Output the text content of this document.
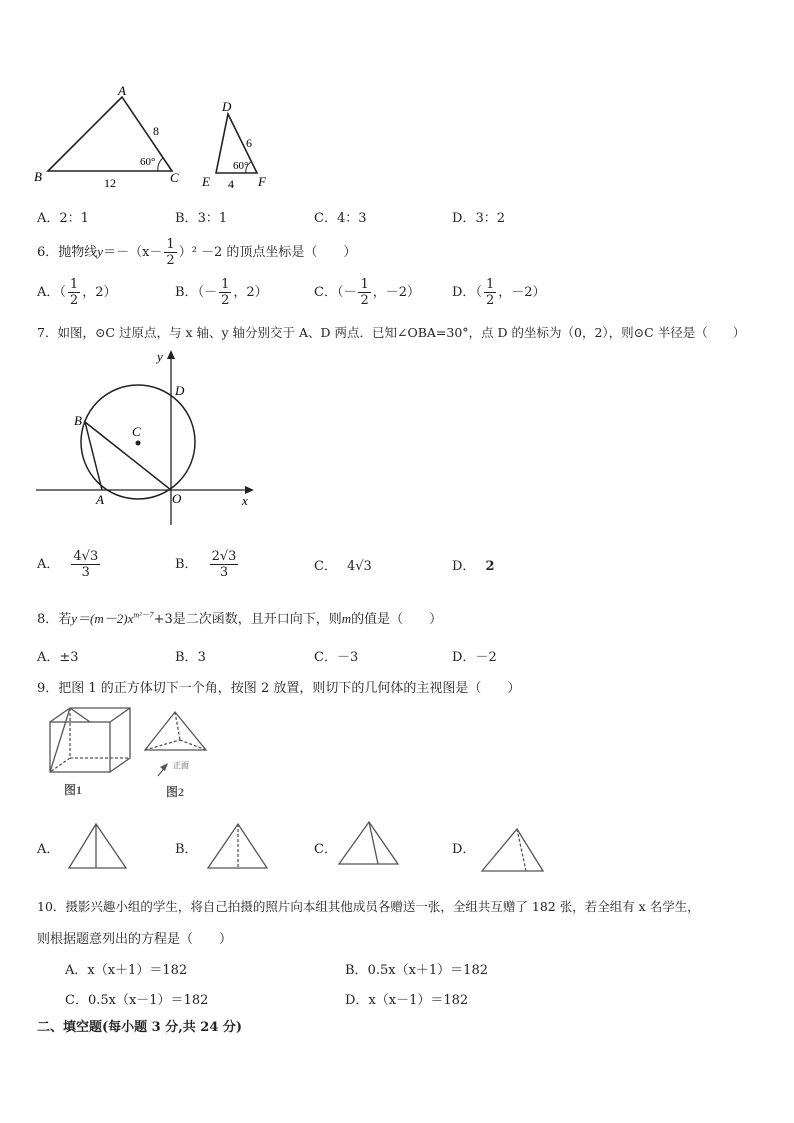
A
B	C
8
12
60°
D
E	F
6
4
60°
A．2：1	B．3：1	C．4：3	D．3：2
6．抛物线$y=-(x- \frac{1}{2} )^2 -2$ 的顶点坐标是（　　）
A．（ $\frac{1}{2}$ ，2）	B．（－ $\frac{1}{2}$ ，2）	C．（－ $\frac{1}{2}$ ，－2） D．（ $\frac{1}{2}$ ，－2）
7．如图，⊙C 过原点，与 x 轴、y 轴分别交于 A、D 两点．已知∠OBA=30°，点 D 的坐标为（0，2），则⊙C 半径是（　　）
y
x
D
B
C
A	O
A． $\frac{4√3}{3}$	B． $\frac{2√3}{3}$	C． 4√3	D． 2
8．若$y=(m-2)x^{m^2-7}+3$是二次函数，且开口向下，则m的值是（　　）
A．±3	B．3	C．－3	D．－2
9．把图 1 的正方体切下一个角，按图 2 放置，则切下的几何体的主视图是（　　）
正面
图1	图2
A．	B．	C．	D．
10．摄影兴趣小组的学生，将自己拍摄的照片向本组其他成员各赠送一张，全组共互赠了 182 张，若全组有 x 名学生，
则根据题意列出的方程是（　　）
A．x（x＋1）＝182	B．0.5x（x＋1）＝182
C．0.5x（x－1）＝182	D．x（x－1）＝182
二、填空题(每小题 3 分,共 24 分)
